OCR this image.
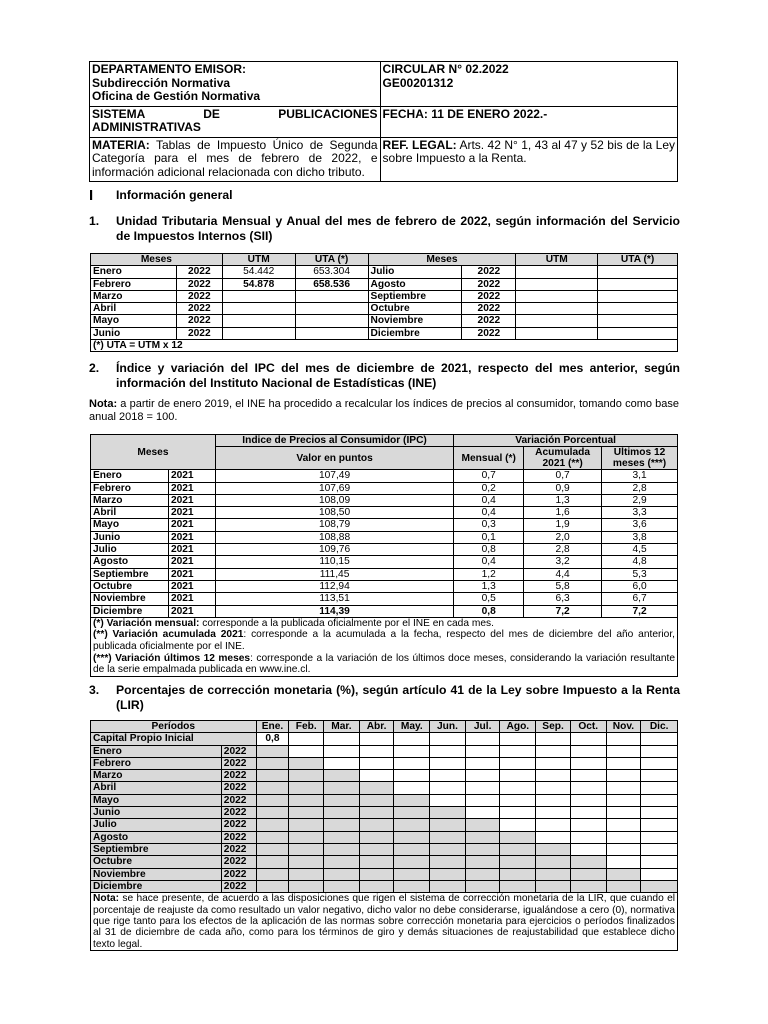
DEPARTAMENTO EMISOR:
Subdirección Normativa
Oficina de Gestión Normativa	CIRCULAR N° 02.2022
GE00201312
SISTEMA DE PUBLICACIONES ADMINISTRATIVAS	FECHA: 11 DE ENERO 2022.-
MATERIA: Tablas de Impuesto Único de Segunda Categoría para el mes de febrero de 2022, e información adicional relacionada con dicho tributo.	REF. LEGAL: Arts. 42 N° 1, 43 al 47 y 52 bis de la Ley sobre Impuesto a la Renta.
I Información general
1. Unidad Tributaria Mensual y Anual del mes de febrero de 2022, según información del Servicio de Impuestos Internos (SII)
Meses		UTM	UTA (*)	Meses		UTM	UTA (*)
Enero	2022	54.442	653.304	Julio	2022		
Febrero	2022	54.878	658.536	Agosto	2022		
Marzo	2022			Septiembre	2022		
Abril	2022			Octubre	2022		
Mayo	2022			Noviembre	2022		
Junio	2022			Diciembre	2022		
(*) UTA = UTM x 12							
2. Índice y variación del IPC del mes de diciembre de 2021, respecto del mes anterior, según información del Instituto Nacional de Estadísticas (INE)
Nota: a partir de enero 2019, el INE ha procedido a recalcular los índices de precios al consumidor, tomando como base anual 2018 = 100.
Meses		Indice de Precios al Consumidor (IPC)	Variación Porcentual		
		Valor en puntos	Mensual (*)	Acumulada 2021 (**)	Ultimos 12 meses (***)

Enero	2021	107,49	0,7	0,7	3,1
Febrero	2021	107,69	0,2	0,9	2,8
Marzo	2021	108,09	0,4	1,3	2,9
Abril	2021	108,50	0,4	1,6	3,3
Mayo	2021	108,79	0,3	1,9	3,6
Junio	2021	108,88	0,1	2,0	3,8
Julio	2021	109,76	0,8	2,8	4,5
Agosto	2021	110,15	0,4	3,2	4,8
Septiembre	2021	111,45	1,2	4,4	5,3
Octubre	2021	112,94	1,3	5,8	6,0
Noviembre	2021	113,51	0,5	6,3	6,7
Diciembre	2021	114,39	0,8	7,2	7,2
(*) Variación mensual: corresponde a la publicada oficialmente por el INE en cada mes.
(**) Variación acumulada 2021: corresponde a la acumulada a la fecha, respecto del mes de diciembre del año anterior, publicada oficialmente por el INE.
(***) Variación últimos 12 meses: corresponde a la variación de los últimos doce meses, considerando la variación resultante de la serie empalmada publicada en www.ine.cl.					
3. Porcentajes de corrección monetaria (%), según artículo 41 de la Ley sobre Impuesto a la Renta (LIR)
Períodos		Ene.	Feb.	Mar.	Abr.	May.	Jun.	Jul.	Ago.	Sep.	Oct.	Nov.	Dic.
Capital Propio Inicial		0,8											
Enero	2022												
Febrero	2022												
Marzo	2022												
Abril	2022												
Mayo	2022												
Junio	2022												
Julio	2022												
Agosto	2022												
Septiembre	2022												
Octubre	2022												
Noviembre	2022												
Diciembre	2022												
Nota: se hace presente, de acuerdo a las disposiciones que rigen el sistema de corrección monetaria de la LIR, que cuando el porcentaje de reajuste da como resultado un valor negativo, dicho valor no debe considerarse, igualándose a cero (0), normativa que rige tanto para los efectos de la aplicación de las normas sobre corrección monetaria para ejercicios o períodos finalizados al 31 de diciembre de cada año, como para los términos de giro y demás situaciones de reajustabilidad que establece dicho texto legal.													
